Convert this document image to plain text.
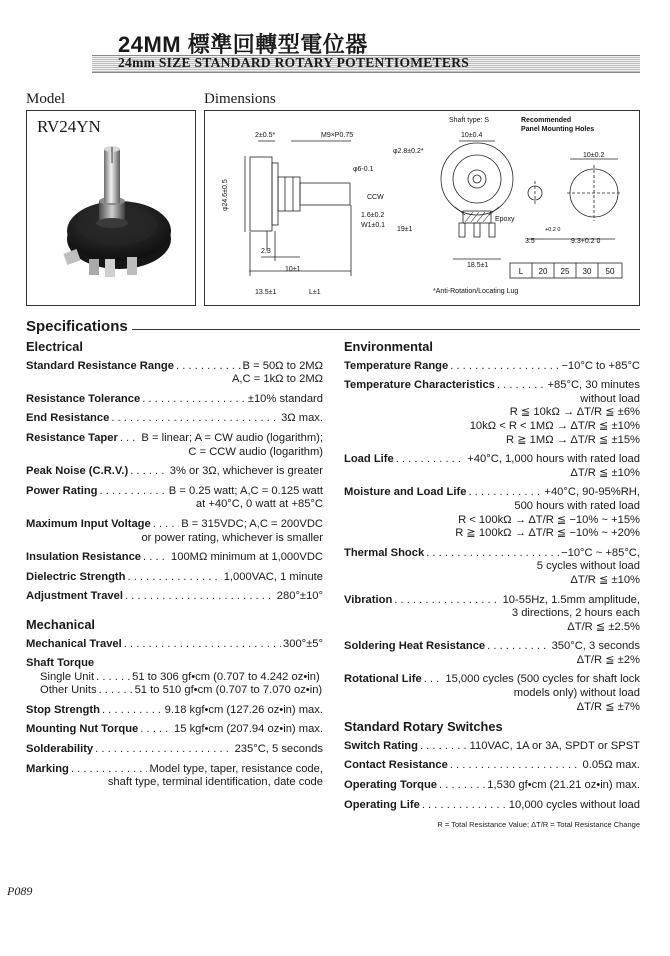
24MM 標準回轉型電位器
24mm SIZE STANDARD ROTARY POTENTIOMETERS
Model
RV24YN
Dimensions
Shaft type: S	Recommended
Panel Mounting Holes
2±0.5*	M9×P0.75	10±0.4
φ2.8±0.2*
φ6-0.1
φ24.6±0.5	CCW
1.6±0.2
W1±0.1
19±1
Epoxy
2.3
10±1
18.5±1
13.5±1	L±1	*Anti-Rotation/Locating Lug
10±0.2
3.5
+0.2 0
9.3+0.2 0
L 20 25 30 50
Specifications
Electrical
Standard Resistance Range . . .	B = 50Ω to 2MΩ
A,C = 1kΩ to 2MΩ
Resistance Tolerance . . .	±10% standard
End Resistance . . .	3Ω max.
Resistance Taper . . . B = linear; A = CW audio (logarithm);
C = CCW audio (logarithm)
Peak Noise (C.R.V.) . . .	3% or 3Ω, whichever is greater
Power Rating . . .	B = 0.25 watt; A,C = 0.125 watt
at +40°C, 0 watt at +85°C
Maximum Input Voltage . . .	B = 315VDC; A,C = 200VDC
or power rating, whichever is smaller
Insulation Resistance . . .	100MΩ minimum at 1,000VDC
Dielectric Strength . . .	1,000VAC, 1 minute
Adjustment Travel . . .	280°±10°
Mechanical
Mechanical Travel . . .	300°±5°
Shaft Torque
Single Unit . . .	51 to 306 gf•cm (0.707 to 4.242 oz•in)
Other Units . . .	51 to 510 gf•cm (0.707 to 7.070 oz•in)
Stop Strength . . .	9.18 kgf•cm (127.26 oz•in) max.
Mounting Nut Torque . . .	15 kgf•cm (207.94 oz•in) max.
Solderability . . .	235°C, 5 seconds
Marking . . .	Model type, taper, resistance code,
shaft type, terminal identification, date code
Environmental
Temperature Range . . .	−10°C to +85°C
Temperature Characteristics . . .	+85°C, 30 minutes
without load
R ≦ 10kΩ → ΔT/R ≦ ±6%
10kΩ < R < 1MΩ → ΔT/R ≦ ±10%
R ≧ 1MΩ → ΔT/R ≦ ±15%
Load Life . . .	+40°C, 1,000 hours with rated load
ΔT/R ≦ ±10%
Moisture and Load Life . . .	+40°C, 90-95%RH,
500 hours with rated load
R < 100kΩ → ΔT/R ≦ −10% ~ +15%
R ≧ 100kΩ → ΔT/R ≦ −10% ~ +20%
Thermal Shock . . .	−10°C ~ +85°C,
5 cycles without load
ΔT/R ≦ ±10%
Vibration . . .	10-55Hz, 1.5mm amplitude,
3 directions, 2 hours each
ΔT/R ≦ ±2.5%
Soldering Heat Resistance . . .	350°C, 3 seconds
ΔT/R ≦ ±2%
Rotational Life . . . 15,000 cycles (500 cycles for shaft lock
models only) without load
ΔT/R ≦ ±7%
Standard Rotary Switches
Switch Rating . . .	110VAC, 1A or 3A, SPDT or SPST
Contact Resistance . . .	0.05Ω max.
Operating Torque . . .	1,530 gf•cm (21.21 oz•in) max.
Operating Life . . .	10,000 cycles without load
R = Total Resistance Value; ΔT/R = Total Resistance Change
P089
